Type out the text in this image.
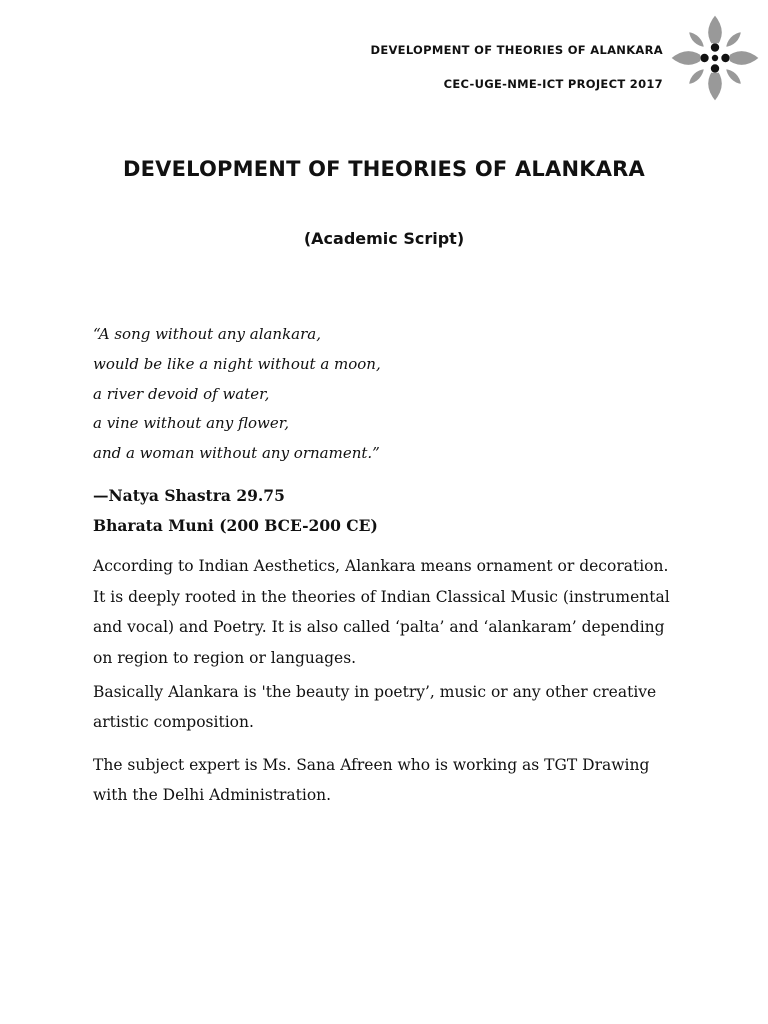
DEVELOPMENT OF THEORIES OF ALANKARA
CEC-UGE-NME-ICT PROJECT 2017
DEVELOPMENT OF THEORIES OF ALANKARA
(Academic Script)
“A song without any alankara,
would be like a night without a moon,
a river devoid of water,
a vine without any flower,
and a woman without any ornament.”
—Natya Shastra 29.75
Bharata Muni (200 BCE-200 CE)
According to Indian Aesthetics, Alankara means ornament or decoration. It is deeply rooted in the theories of Indian Classical Music (instrumental and vocal) and Poetry. It is also called ‘palta’ and ‘alankaram’ depending on region to region or languages.
Basically Alankara is 'the beauty in poetry’, music or any other creative artistic composition.
The subject expert is Ms. Sana Afreen who is working as TGT Drawing with the Delhi Administration.
